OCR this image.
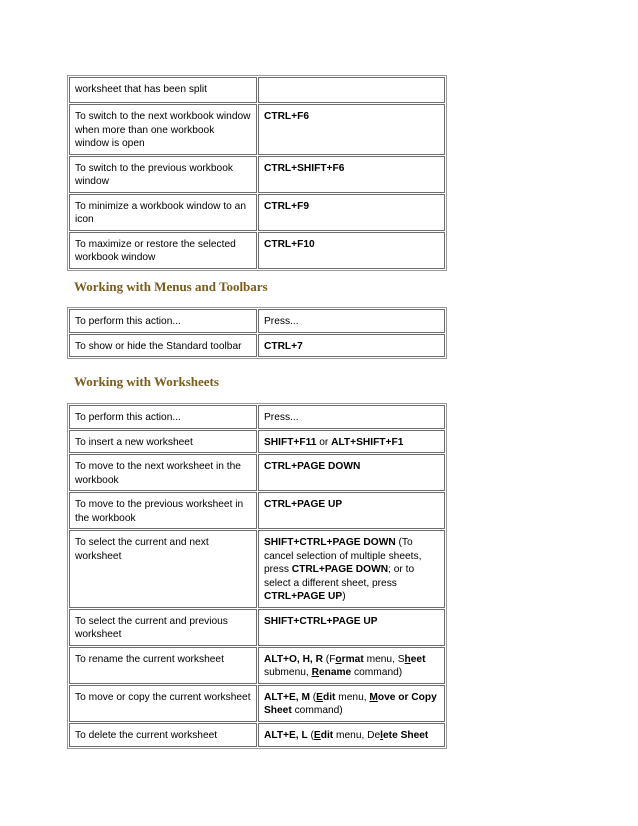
worksheet that has been split	
To switch to the next workbook window when more than one workbook window is open	CTRL+F6
To switch to the previous workbook window	CTRL+SHIFT+F6
To minimize a workbook window to an icon	CTRL+F9
To maximize or restore the selected workbook window	CTRL+F10
Working with Menus and Toolbars
To perform this action...	Press...
To show or hide the Standard toolbar	CTRL+7
Working with Worksheets
To perform this action...	Press...
To insert a new worksheet	SHIFT+F11 or ALT+SHIFT+F1
To move to the next worksheet in the workbook	CTRL+PAGE DOWN
To move to the previous worksheet in the workbook	CTRL+PAGE UP
To select the current and next worksheet	SHIFT+CTRL+PAGE DOWN (To cancel selection of multiple sheets, press CTRL+PAGE DOWN; or to select a different sheet, press CTRL+PAGE UP)
To select the current and previous worksheet	SHIFT+CTRL+PAGE UP
To rename the current worksheet	ALT+O, H, R (Format menu, Sheet submenu, Rename command)
To move or copy the current worksheet	ALT+E, M (Edit menu, Move or Copy Sheet command)
To delete the current worksheet	ALT+E, L (Edit menu, Delete Sheet
